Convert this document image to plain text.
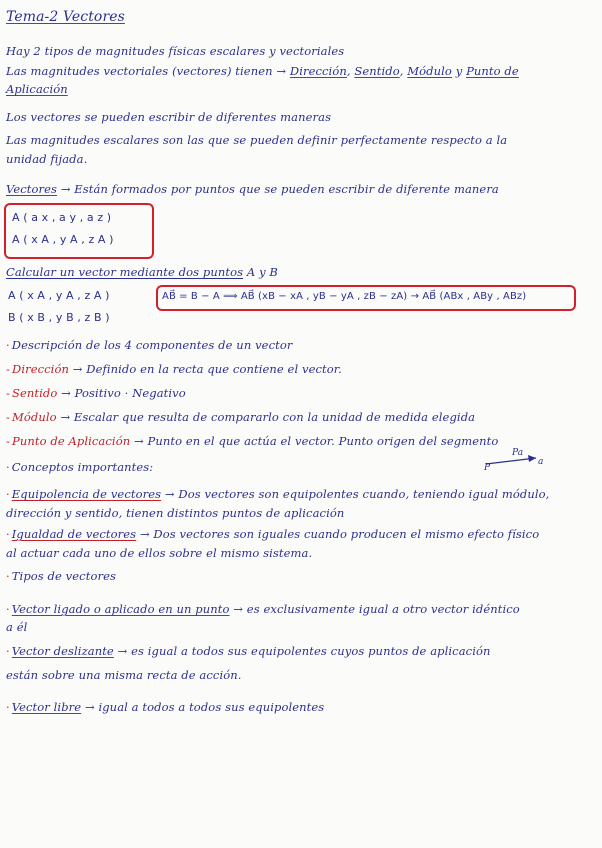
Tema-2 Vectores
Hay 2 tipos de magnitudes físicas escalares y vectoriales
Las magnitudes vectoriales (vectores) tienen → Dirección, Sentido, Módulo y Punto de
Aplicación
Los vectores se pueden escribir de diferentes maneras
Las magnitudes escalares son las que se pueden definir perfectamente respecto a la
unidad fijada.
Vectores → Están formados por puntos que se pueden escribir de diferente manera
A ( a x , a y , a z )
A ( x A , y A , z A )
Calcular un vector mediante dos puntos A y B
A ( x A , y A , z A )
B ( x B , y B , z B )
AB⃗ = B − A ⟹ AB⃗ (xB − xA , yB − yA , zB − zA) → AB⃗ (ABx , ABy , ABz)
· Descripción de los 4 componentes de un vector
- Dirección → Definido en la recta que contiene el vector.
- Sentido → Positivo · Negativo
- Módulo → Escalar que resulta de compararlo con la unidad de medida elegida
- Punto de Aplicación → Punto en el que actúa el vector. Punto origen del segmento
P
Pa
a
· Conceptos importantes:
· Equipolencia de vectores → Dos vectores son equipolentes cuando, teniendo igual módulo,
dirección y sentido, tienen distintos puntos de aplicación
· Igualdad de vectores → Dos vectores son iguales cuando producen el mismo efecto físico
al actuar cada uno de ellos sobre el mismo sistema.
· Tipos de vectores
· Vector ligado o aplicado en un punto → es exclusivamente igual a otro vector idéntico
a él
· Vector deslizante → es igual a todos sus equipolentes cuyos puntos de aplicación
están sobre una misma recta de acción.
· Vector libre → igual a todos a todos sus equipolentes
